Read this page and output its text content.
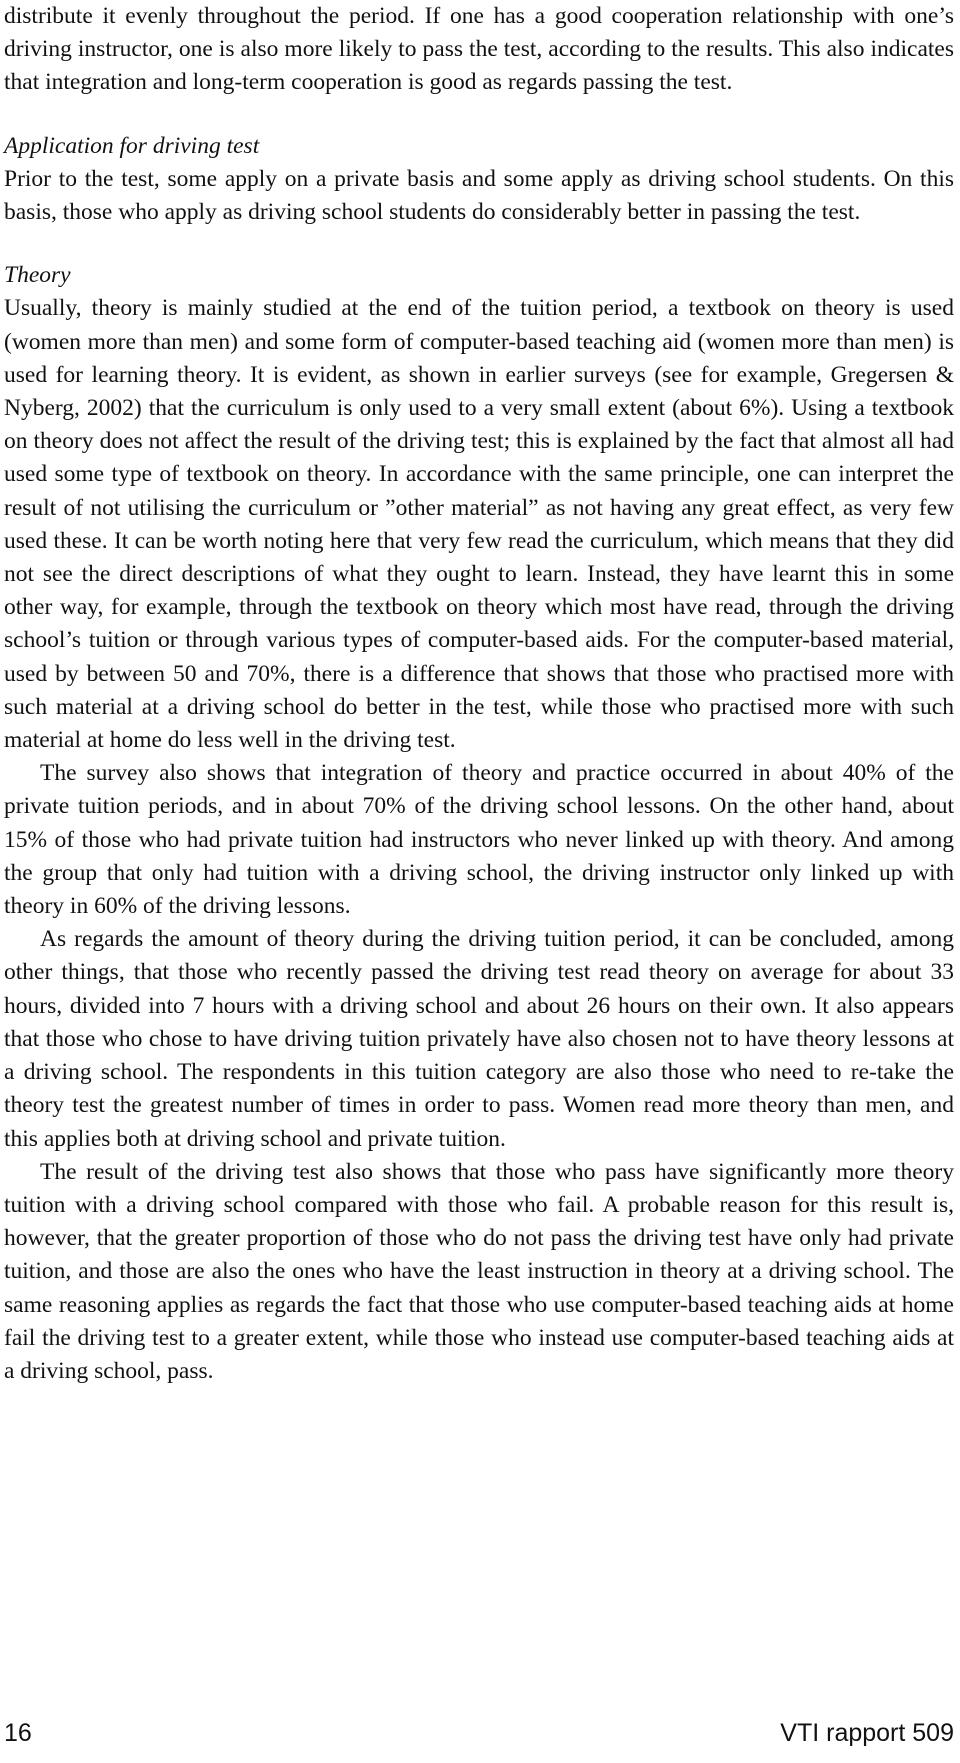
distribute it evenly throughout the period. If one has a good cooperation relationship with one’s driving instructor, one is also more likely to pass the test, according to the results. This also indicates that integration and long-term cooperation is good as regards passing the test.

Application for driving test

Prior to the test, some apply on a private basis and some apply as driving school students. On this basis, those who apply as driving school students do considerably better in passing the test.

Theory

Usually, theory is mainly studied at the end of the tuition period, a textbook on theory is used (women more than men) and some form of computer-based teaching aid (women more than men) is used for learning theory. It is evident, as shown in earlier surveys (see for example, Gregersen & Nyberg, 2002) that the curriculum is only used to a very small extent (about 6%). Using a textbook on theory does not affect the result of the driving test; this is explained by the fact that almost all had used some type of textbook on theory. In accordance with the same principle, one can interpret the result of not utilising the curriculum or ”other material” as not having any great effect, as very few used these. It can be worth noting here that very few read the curriculum, which means that they did not see the direct descriptions of what they ought to learn. Instead, they have learnt this in some other way, for example, through the textbook on theory which most have read, through the driving school’s tuition or through various types of computer-based aids. For the computer-based material, used by between 50 and 70%, there is a difference that shows that those who practised more with such material at a driving school do better in the test, while those who practised more with such material at home do less well in the driving test.

The survey also shows that integration of theory and practice occurred in about 40% of the private tuition periods, and in about 70% of the driving school lessons. On the other hand, about 15% of those who had private tuition had instructors who never linked up with theory. And among the group that only had tuition with a driving school, the driving instructor only linked up with theory in 60% of the driving lessons.

As regards the amount of theory during the driving tuition period, it can be concluded, among other things, that those who recently passed the driving test read theory on average for about 33 hours, divided into 7 hours with a driving school and about 26 hours on their own. It also appears that those who chose to have driving tuition privately have also chosen not to have theory lessons at a driving school. The respondents in this tuition category are also those who need to re-take the theory test the greatest number of times in order to pass. Women read more theory than men, and this applies both at driving school and private tuition.

The result of the driving test also shows that those who pass have significantly more theory tuition with a driving school compared with those who fail. A probable reason for this result is, however, that the greater proportion of those who do not pass the driving test have only had private tuition, and those are also the ones who have the least instruction in theory at a driving school. The same reasoning applies as regards the fact that those who use computer-based teaching aids at home fail the driving test to a greater extent, while those who instead use computer-based teaching aids at a driving school, pass.

16	VTI rapport 509
